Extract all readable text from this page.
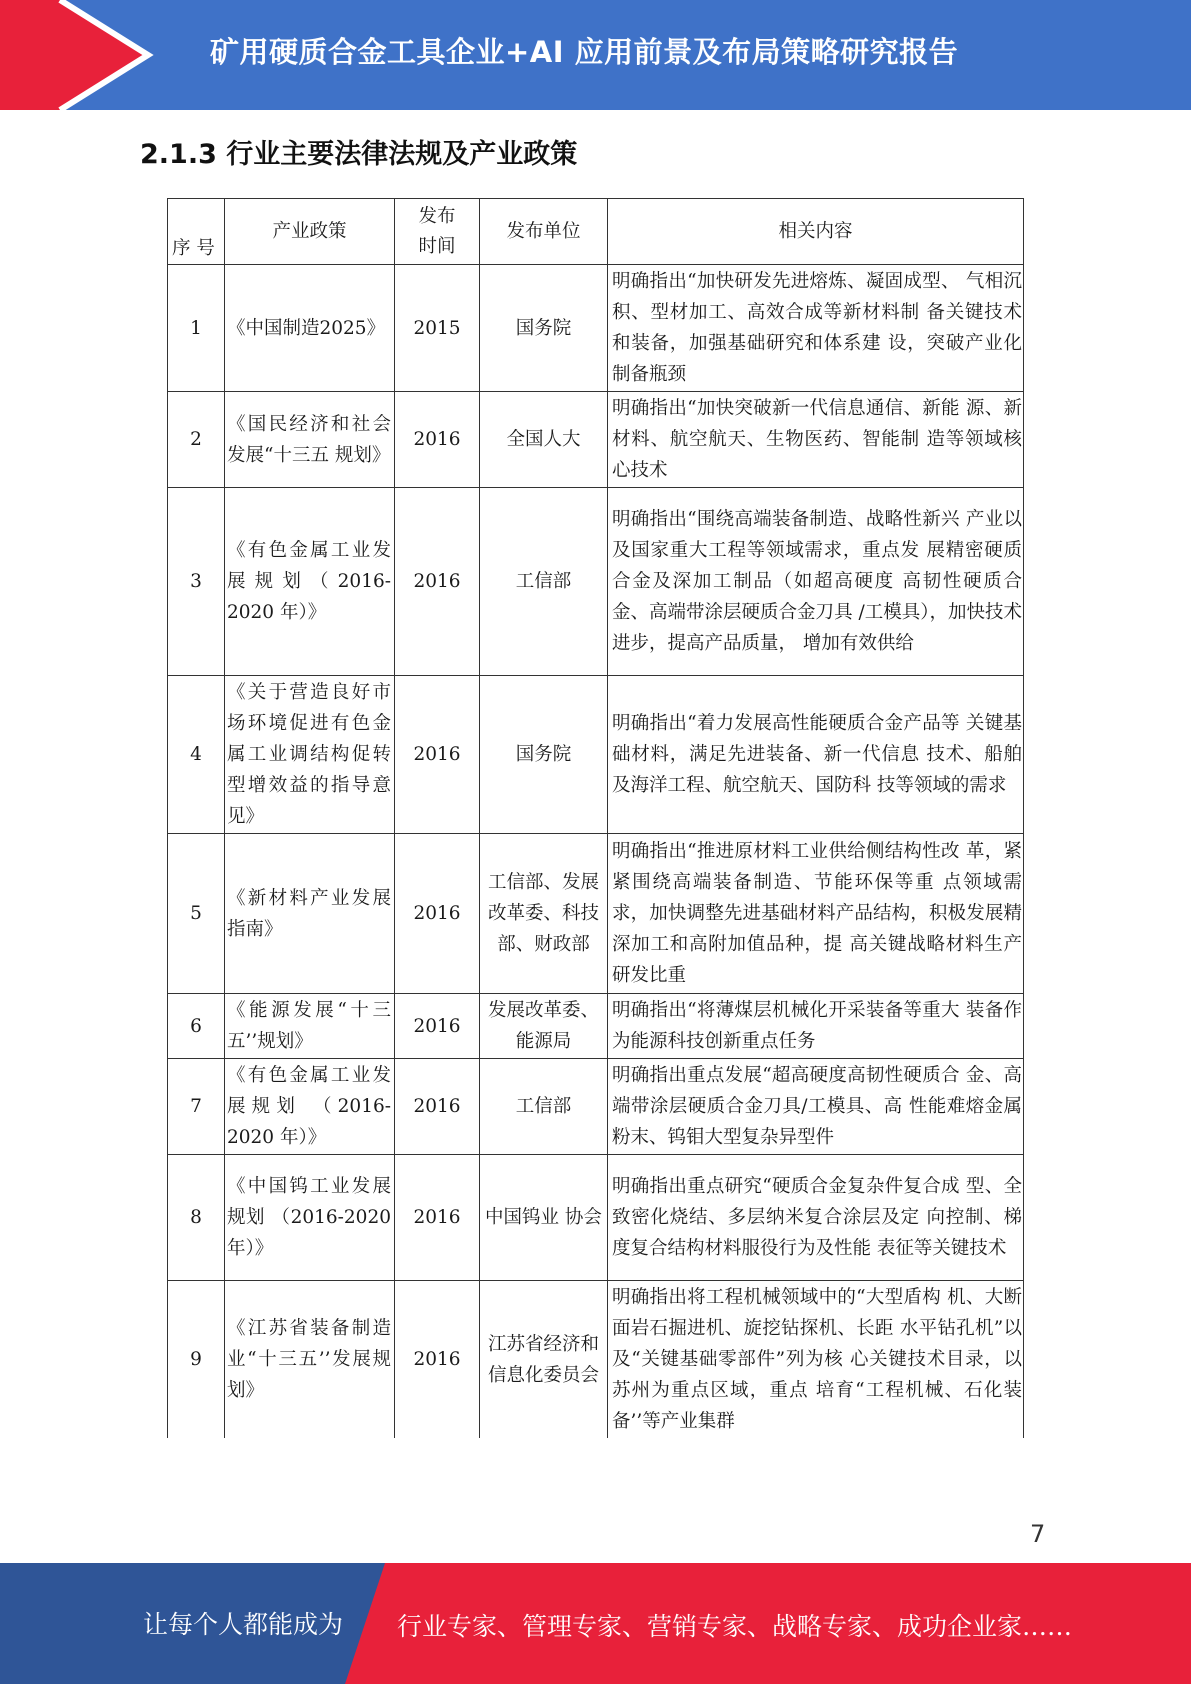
矿用硬质合金工具企业+AI 应用前景及布局策略研究报告
2.1.3 行业主要法律法规及产业政策
序 号	产业政策	发布时间	发布单位	相关内容
1	《中国制造2025》	2015	国务院	明确指出“加快研发先进熔炼、凝固成型、 气相沉积、型材加工、高效合成等新材料制 备关键技术和装备，加强基础研究和体系建 设，突破产业化制备瓶颈
2	《国民经济和社会发展“十三五 规划》	2016	全国人大	明确指出“加快突破新一代信息通信、新能 源、新材料、航空航天、生物医药、智能制 造等领域核心技术
3	《有色金属工业发展规划（2016-2020 年）》	2016	工信部	明确指出“围绕高端装备制造、战略性新兴 产业以及国家重大工程等领域需求，重点发 展精密硬质合金及深加工制品（如超高硬度 高韧性硬质合金、高端带涂层硬质合金刀具 /工模具），加快技术进步，提高产品质量， 增加有效供给
4	《关于营造良好市场环境促进有色金属工业调结构促转型增效益的指导意见》	2016	国务院	明确指出“着力发展高性能硬质合金产品等 关键基础材料，满足先进装备、新一代信息 技术、船舶及海洋工程、航空航天、国防科 技等领域的需求
5	《新材料产业发展指南》	2016	工信部、发展改革委、科技部、财政部	明确指出“推进原材料工业供给侧结构性改 革，紧紧围绕高端装备制造、节能环保等重 点领域需求，加快调整先进基础材料产品结构，积极发展精深加工和高附加值品种，提 高关键战略材料生产研发比重
6	《能源发展“十三五’’规划》	2016	发展改革委、能源局	明确指出“将薄煤层机械化开采装备等重大 装备作为能源科技创新重点任务
7	《有色金属工业发展规划 （2016-2020 年）》	2016	工信部	明确指出重点发展“超高硬度高韧性硬质合 金、高端带涂层硬质合金刀具/工模具、高 性能难熔金属粉末、钨钼大型复杂异型件
8	《中国钨工业发展规划 （2016-2020 年）》	2016	中国钨业 协会	明确指出重点研究“硬质合金复杂件复合成 型、全致密化烧结、多层纳米复合涂层及定 向控制、梯度复合结构材料服役行为及性能 表征等关键技术
9	《江苏省装备制造业“十三五’’发展规划》	2016	江苏省经济和信息化委员会	明确指出将工程机械领域中的“大型盾构 机、大断面岩石掘进机、旋挖钻探机、长距 水平钻孔机”以及“关键基础零部件”列为核 心关键技术目录，以苏州为重点区域，重点 培育“工程机械、石化装备’’等产业集群
7
让每个人都能成为 行业专家、管理专家、营销专家、战略专家、成功企业家……
